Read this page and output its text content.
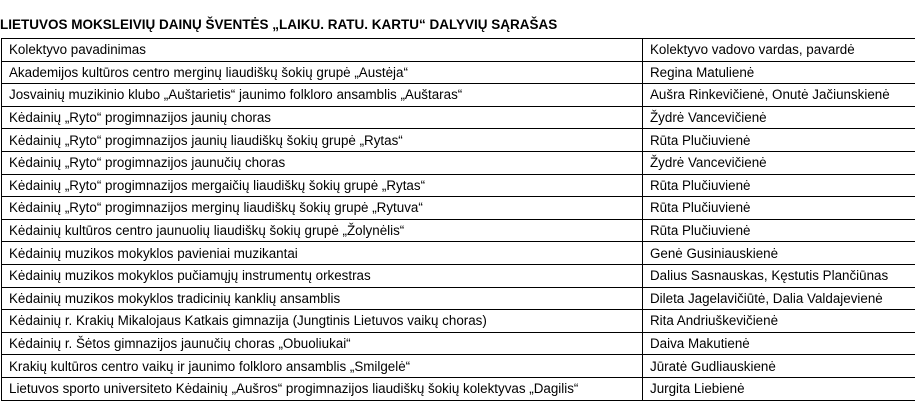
LIETUVOS MOKSLEIVIŲ DAINŲ ŠVENTĖS „LAIKU. RATU. KARTU“ DALYVIŲ SĄRAŠAS
Kolektyvo pavadinimas	Kolektyvo vadovo vardas, pavardė
Akademijos kultūros centro merginų liaudiškų šokių grupė „Austėja“	Regina Matulienė
Josvainių muzikinio klubo „Auštarietis“ jaunimo folkloro ansamblis „Auštaras“	Aušra Rinkevičienė, Onutė Jačiunskienė
Kėdainių „Ryto“ progimnazijos jaunių choras	Žydrė Vancevičienė
Kėdainių „Ryto“ progimnazijos jaunių liaudiškų šokių grupė „Rytas“	Rūta Plučiuvienė
Kėdainių „Ryto“ progimnazijos jaunučių choras	Žydrė Vancevičienė
Kėdainių „Ryto“ progimnazijos mergaičių liaudiškų šokių grupė „Rytas“	Rūta Plučiuvienė
Kėdainių „Ryto“ progimnazijos merginų liaudiškų šokių grupė „Rytuva“	Rūta Plučiuvienė
Kėdainių kultūros centro jaunuolių liaudiškų šokių grupė „Žolynėlis“	Rūta Plučiuvienė
Kėdainių muzikos mokyklos pavieniai muzikantai	Genė Gusiniauskienė
Kėdainių muzikos mokyklos pučiamųjų instrumentų orkestras	Dalius Sasnauskas, Kęstutis Plančiūnas
Kėdainių muzikos mokyklos tradicinių kanklių ansamblis	Dileta Jagelavičiūtė, Dalia Valdajevienė
Kėdainių r. Krakių Mikalojaus Katkais gimnazija (Jungtinis Lietuvos vaikų choras)	Rita Andriuškevičienė
Kėdainių r. Šėtos gimnazijos jaunučių choras „Obuoliukai“	Daiva Makutienė
Krakių kultūros centro vaikų ir jaunimo folkloro ansamblis „Smilgelė“	Jūratė Gudliauskienė
Lietuvos sporto universiteto Kėdainių „Aušros“ progimnazijos liaudiškų šokių kolektyvas „Dagilis“	Jurgita Liebienė
